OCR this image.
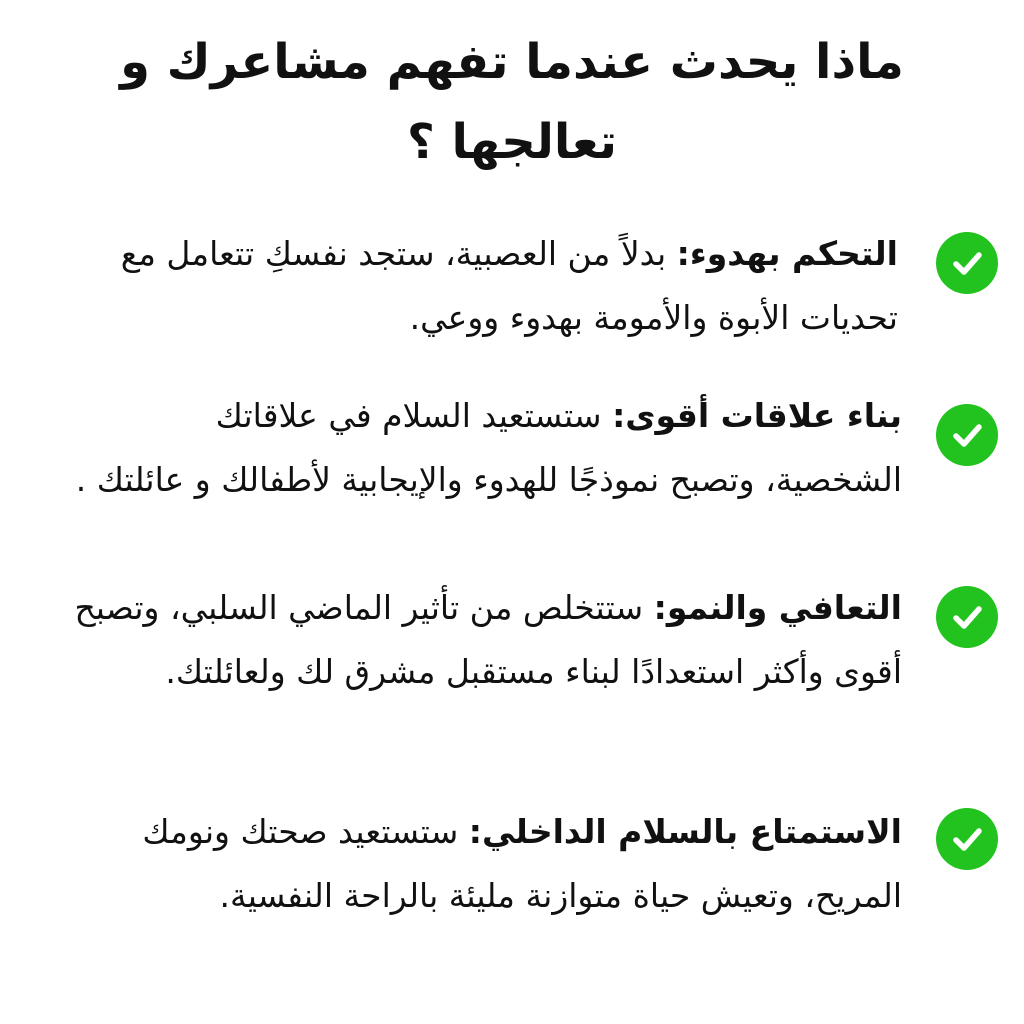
ماذا يحدث عندما تفهم مشاعرك و تعالجها ؟
التحكم بهدوء: بدلاً من العصبية، ستجد نفسكِ تتعامل مع تحديات الأبوة والأمومة بهدوء ووعي.
بناء علاقات أقوى: ستستعيد السلام في علاقاتك الشخصية، وتصبح نموذجًا للهدوء والإيجابية لأطفالك و عائلتك .
التعافي والنمو: ستتخلص من تأثير الماضي السلبي، وتصبح أقوى وأكثر استعدادًا لبناء مستقبل مشرق لك ولعائلتك.
الاستمتاع بالسلام الداخلي: ستستعيد صحتك ونومك المريح، وتعيش حياة متوازنة مليئة بالراحة النفسية.
